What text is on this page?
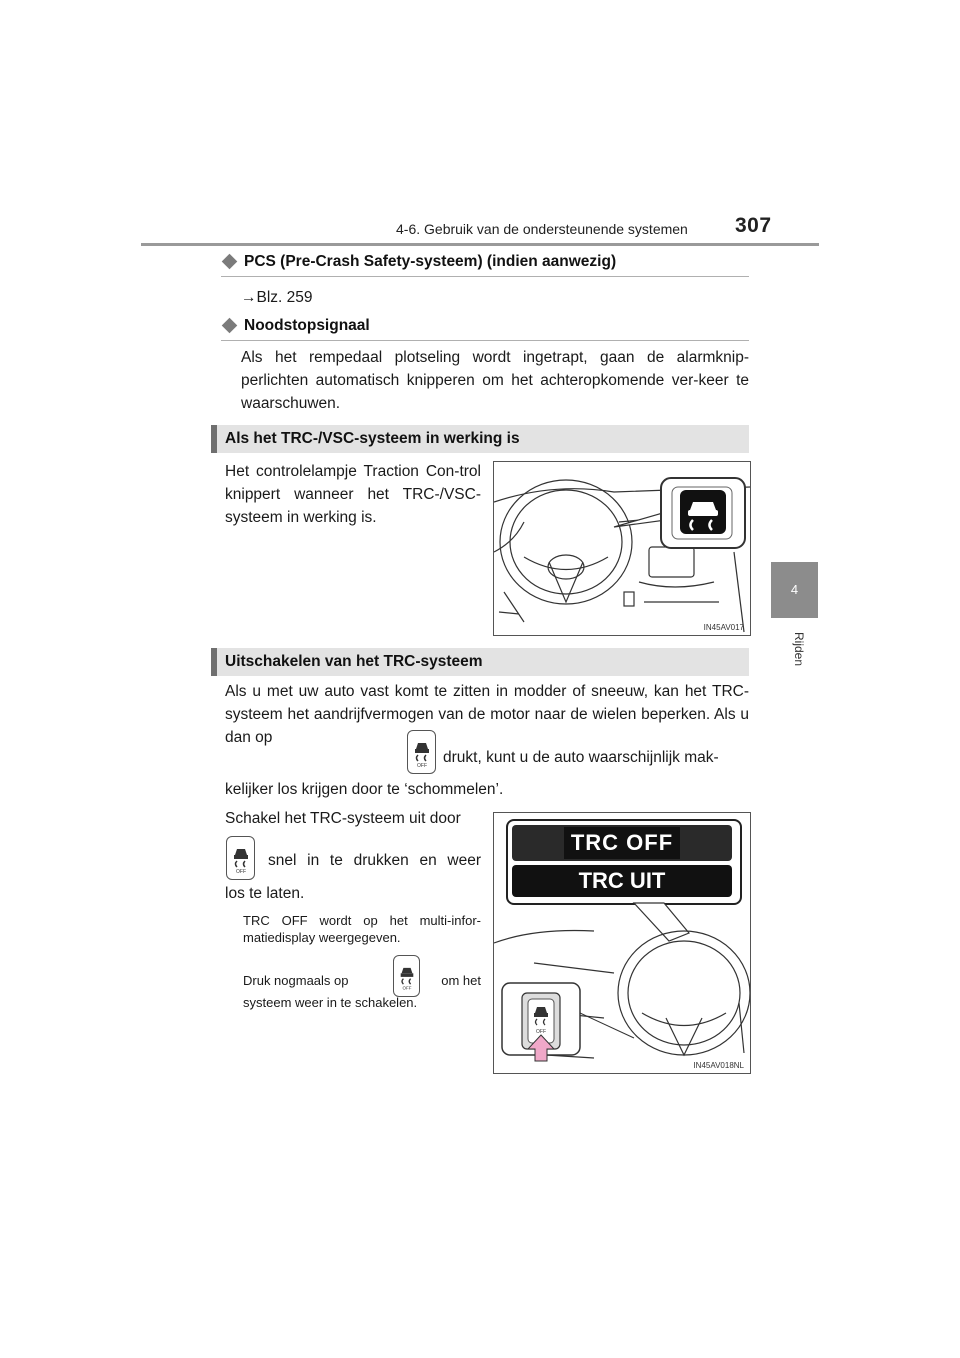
4-6. Gebruik van de ondersteunende systemen 307
4
Rijden
PCS (Pre-Crash Safety-systeem) (indien aanwezig)
→Blz. 259
Noodstopsignaal
Als het rempedaal plotseling wordt ingetrapt, gaan de alarmknip-perlichten automatisch knipperen om het achteropkomende ver-keer te waarschuwen.
Als het TRC-/VSC-systeem in werking is
Het controlelampje Traction Con-trol knippert wanneer het TRC-/VSC-systeem in werking is.
IN45AV017
Uitschakelen van het TRC-systeem
Als u met uw auto vast komt te zitten in modder of sneeuw, kan het TRC-systeem het aandrijfvermogen van de motor naar de wielen beperken. Als u dan op
OFF drukt, kunt u de auto waarschijnlijk mak-
kelijker los krijgen door te ‘schommelen’.
Schakel het TRC-systeem uit door
OFF
snel in te drukken en weer
los te laten.
TRC OFF wordt op het multi-infor-matiedisplay weergegeven.
Druk nogmaals op	OFF	om het
systeem weer in te schakelen.
TRC OFF
TRC UIT
OFF
IN45AV018NL
